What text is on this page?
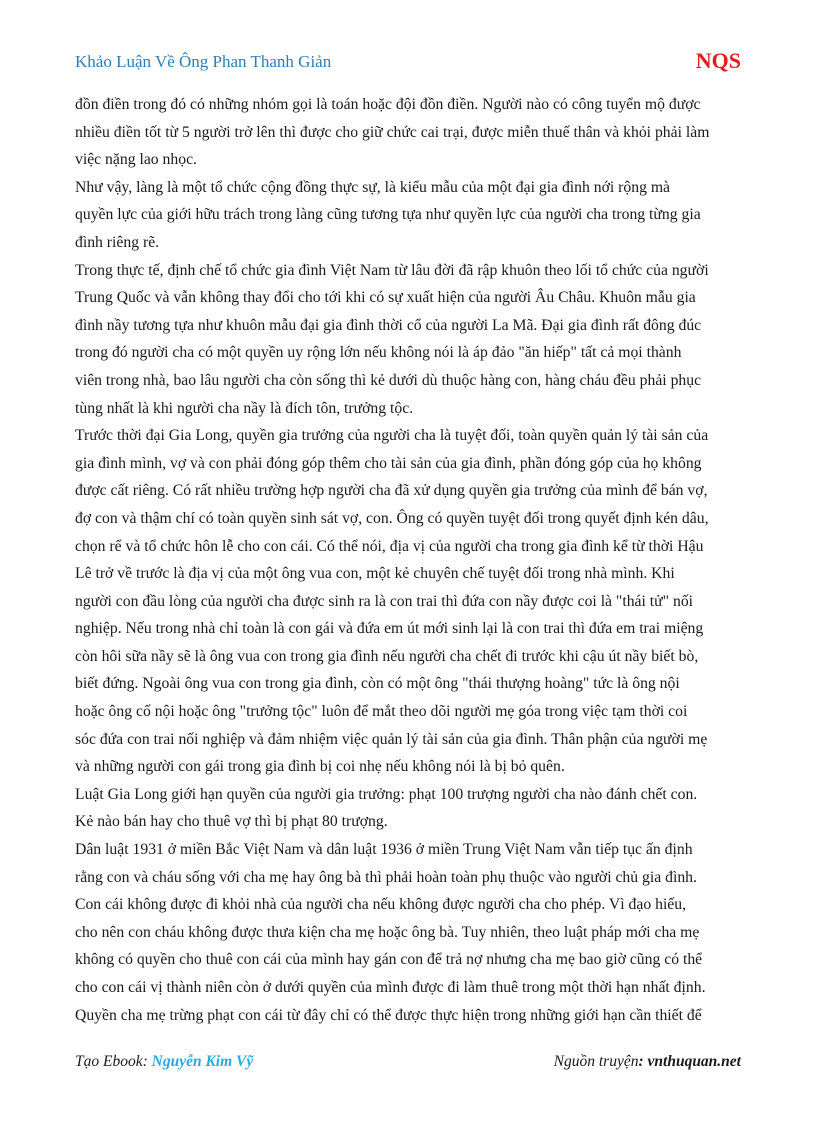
Khảo Luận Về Ông Phan Thanh Giản	NQS

đồn điền trong đó có những nhóm gọi là toán hoặc đội đồn điền. Người nào có công tuyển mộ được
nhiều điền tốt từ 5 người trở lên thì được cho giữ chức cai trại, được miễn thuế thân và khỏi phải làm
việc nặng lao nhọc.

Như vậy, làng là một tổ chức cộng đồng thực sự, là kiểu mẫu của một đại gia đình nới rộng mà
quyền lực của giới hữu trách trong làng cũng tương tựa như quyền lực của người cha trong từng gia
đình riêng rẽ.

Trong thực tế, định chế tổ chức gia đình Việt Nam từ lâu đời đã rập khuôn theo lối tổ chức của người
Trung Quốc và vẫn không thay đổi cho tới khi có sự xuất hiện của người Âu Châu. Khuôn mẫu gia
đình nầy tương tựa như khuôn mẫu đại gia đình thời cổ của người La Mã. Đại gia đình rất đông đúc
trong đó người cha có một quyền uy rộng lớn nếu không nói là áp đảo "ăn hiếp" tất cả mọi thành
viên trong nhà, bao lâu người cha còn sống thì kẻ dưới dù thuộc hàng con, hàng cháu đều phải phục
tùng nhất là khi người cha nầy là đích tôn, trưởng tộc.

Trước thời đại Gia Long, quyền gia trưởng của người cha là tuyệt đối, toàn quyền quản lý tài sản của
gia đình mình, vợ và con phải đóng góp thêm cho tài sản của gia đình, phần đóng góp của họ không
được cất riêng. Có rất nhiều trường hợp người cha đã xử dụng quyền gia trưởng của mình để bán vợ,
đợ con và thậm chí có toàn quyền sinh sát vợ, con. Ông có quyền tuyệt đối trong quyết định kén dâu,
chọn rể và tổ chức hôn lễ cho con cái. Có thể nói, địa vị của người cha trong gia đình kể từ thời Hậu
Lê trở về trước là địa vị của một ông vua con, một kẻ chuyên chế tuyệt đối trong nhà mình. Khi
người con đầu lòng của người cha được sinh ra là con trai thì đứa con nầy được coi là "thái tử" nối
nghiệp. Nếu trong nhà chỉ toàn là con gái và đứa em út mới sinh lại là con trai thì đứa em trai miệng
còn hôi sữa nầy sẽ là ông vua con trong gia đình nếu người cha chết đi trước khi cậu út nầy biết bò,
biết đứng. Ngoài ông vua con trong gia đình, còn có một ông "thái thượng hoàng" tức là ông nội
hoặc ông cố nội hoặc ông "trưởng tộc" luôn để mắt theo dõi người mẹ góa trong việc tạm thời coi
sóc đứa con trai nối nghiệp và đảm nhiệm việc quản lý tài sản của gia đình. Thân phận của người mẹ
và những người con gái trong gia đình bị coi nhẹ nếu không nói là bị bỏ quên.

Luật Gia Long giới hạn quyền của người gia trưởng: phạt 100 trượng người cha nào đánh chết con.
Kẻ nào bán hay cho thuê vợ thì bị phạt 80 trượng.

Dân luật 1931 ở miền Bắc Việt Nam và dân luật 1936 ở miền Trung Việt Nam vẫn tiếp tục ấn định
rằng con và cháu sống với cha mẹ hay ông bà thì phải hoàn toàn phụ thuộc vào người chủ gia đình.
Con cái không được đi khỏi nhà của người cha nếu không được người cha cho phép. Vì đạo hiếu,
cho nên con cháu không được thưa kiện cha mẹ hoặc ông bà. Tuy nhiên, theo luật pháp mới cha mẹ
không có quyền cho thuê con cái của mình hay gán con để trả nợ nhưng cha mẹ bao giờ cũng có thể
cho con cái vị thành niên còn ở dưới quyền của mình được đi làm thuê trong một thời hạn nhất định.
Quyền cha mẹ trừng phạt con cái từ đây chỉ có thể được thực hiện trong những giới hạn cần thiết để

Tạo Ebook: Nguyễn Kim Vỹ	Nguồn truyện: vnthuquan.net
